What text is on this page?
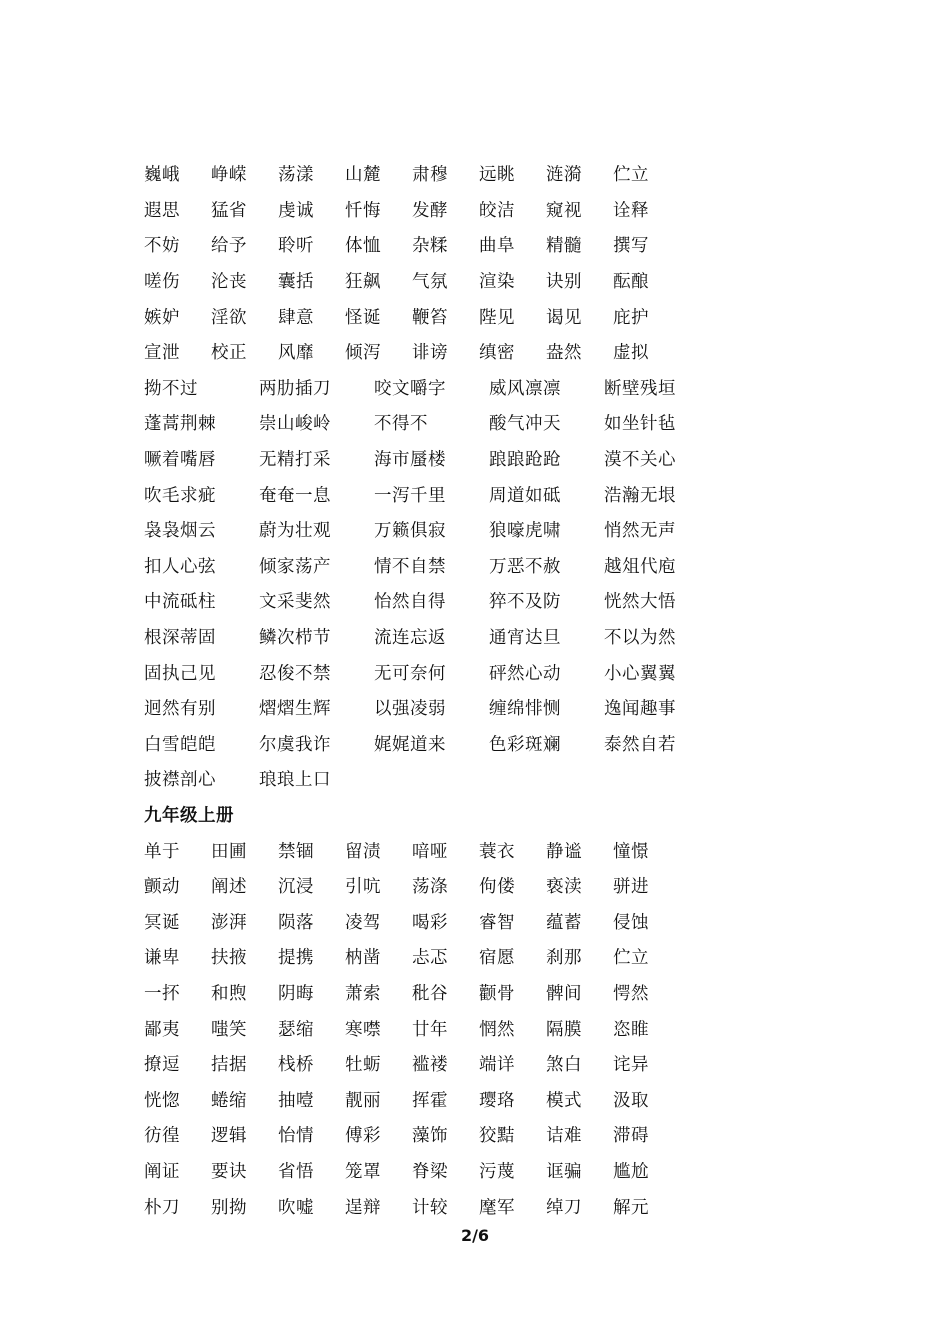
巍峨	峥嵘	荡漾	山麓	肃穆	远眺	涟漪	伫立
遐思	猛省	虔诚	忏悔	发酵	皎洁	窥视	诠释
不妨	给予	聆听	体恤	杂糅	曲阜	精髓	撰写
嗟伤	沦丧	囊括	狂飙	气氛	渲染	诀别	酝酿
嫉妒	淫欲	肆意	怪诞	鞭笞	陛见	谒见	庇护
宣泄	校正	风靡	倾泻	诽谤	缜密	盎然	虚拟
拗不过	两肋插刀	咬文嚼字	威风凛凛	断壁残垣
蓬蒿荆棘	崇山峻岭	不得不	酸气冲天	如坐针毡
噘着嘴唇	无精打采	海市蜃楼	踉踉跄跄	漠不关心
吹毛求疵	奄奄一息	一泻千里	周道如砥	浩瀚无垠
袅袅烟云	蔚为壮观	万籁俱寂	狼嚎虎啸	悄然无声
扣人心弦	倾家荡产	情不自禁	万恶不赦	越俎代庖
中流砥柱	文采斐然	怡然自得	猝不及防	恍然大悟
根深蒂固	鳞次栉节	流连忘返	通宵达旦	不以为然
固执己见	忍俊不禁	无可奈何	砰然心动	小心翼翼
迥然有别	熠熠生辉	以强凌弱	缠绵悱恻	逸闻趣事
白雪皑皑	尔虞我诈	娓娓道来	色彩斑斓	泰然自若
披襟剖心	琅琅上口
九年级上册
单于	田圃	禁锢	留渍	喑哑	蓑衣	静谧	憧憬
颤动	阐述	沉浸	引吭	荡涤	佝偻	亵渎	骈进
冥诞	澎湃	陨落	凌驾	喝彩	睿智	蕴蓄	侵蚀
谦卑	扶掖	提携	枘凿	忐忑	宿愿	刹那	伫立
一抔	和煦	阴晦	萧索	秕谷	颧骨	髀间	愕然
鄙夷	嗤笑	瑟缩	寒噤	廿年	惘然	隔膜	恣睢
撩逗	拮据	栈桥	牡蛎	褴褛	端详	煞白	诧异
恍惚	蜷缩	抽噎	靓丽	挥霍	璎珞	模式	汲取
彷徨	逻辑	怡情	傅彩	藻饰	狡黠	诘难	滞碍
阐证	要诀	省悟	笼罩	脊梁	污蔑	诓骗	尴尬
朴刀	别拗	吹嘘	逞辩	计较	麾军	绰刀	解元
2/6
